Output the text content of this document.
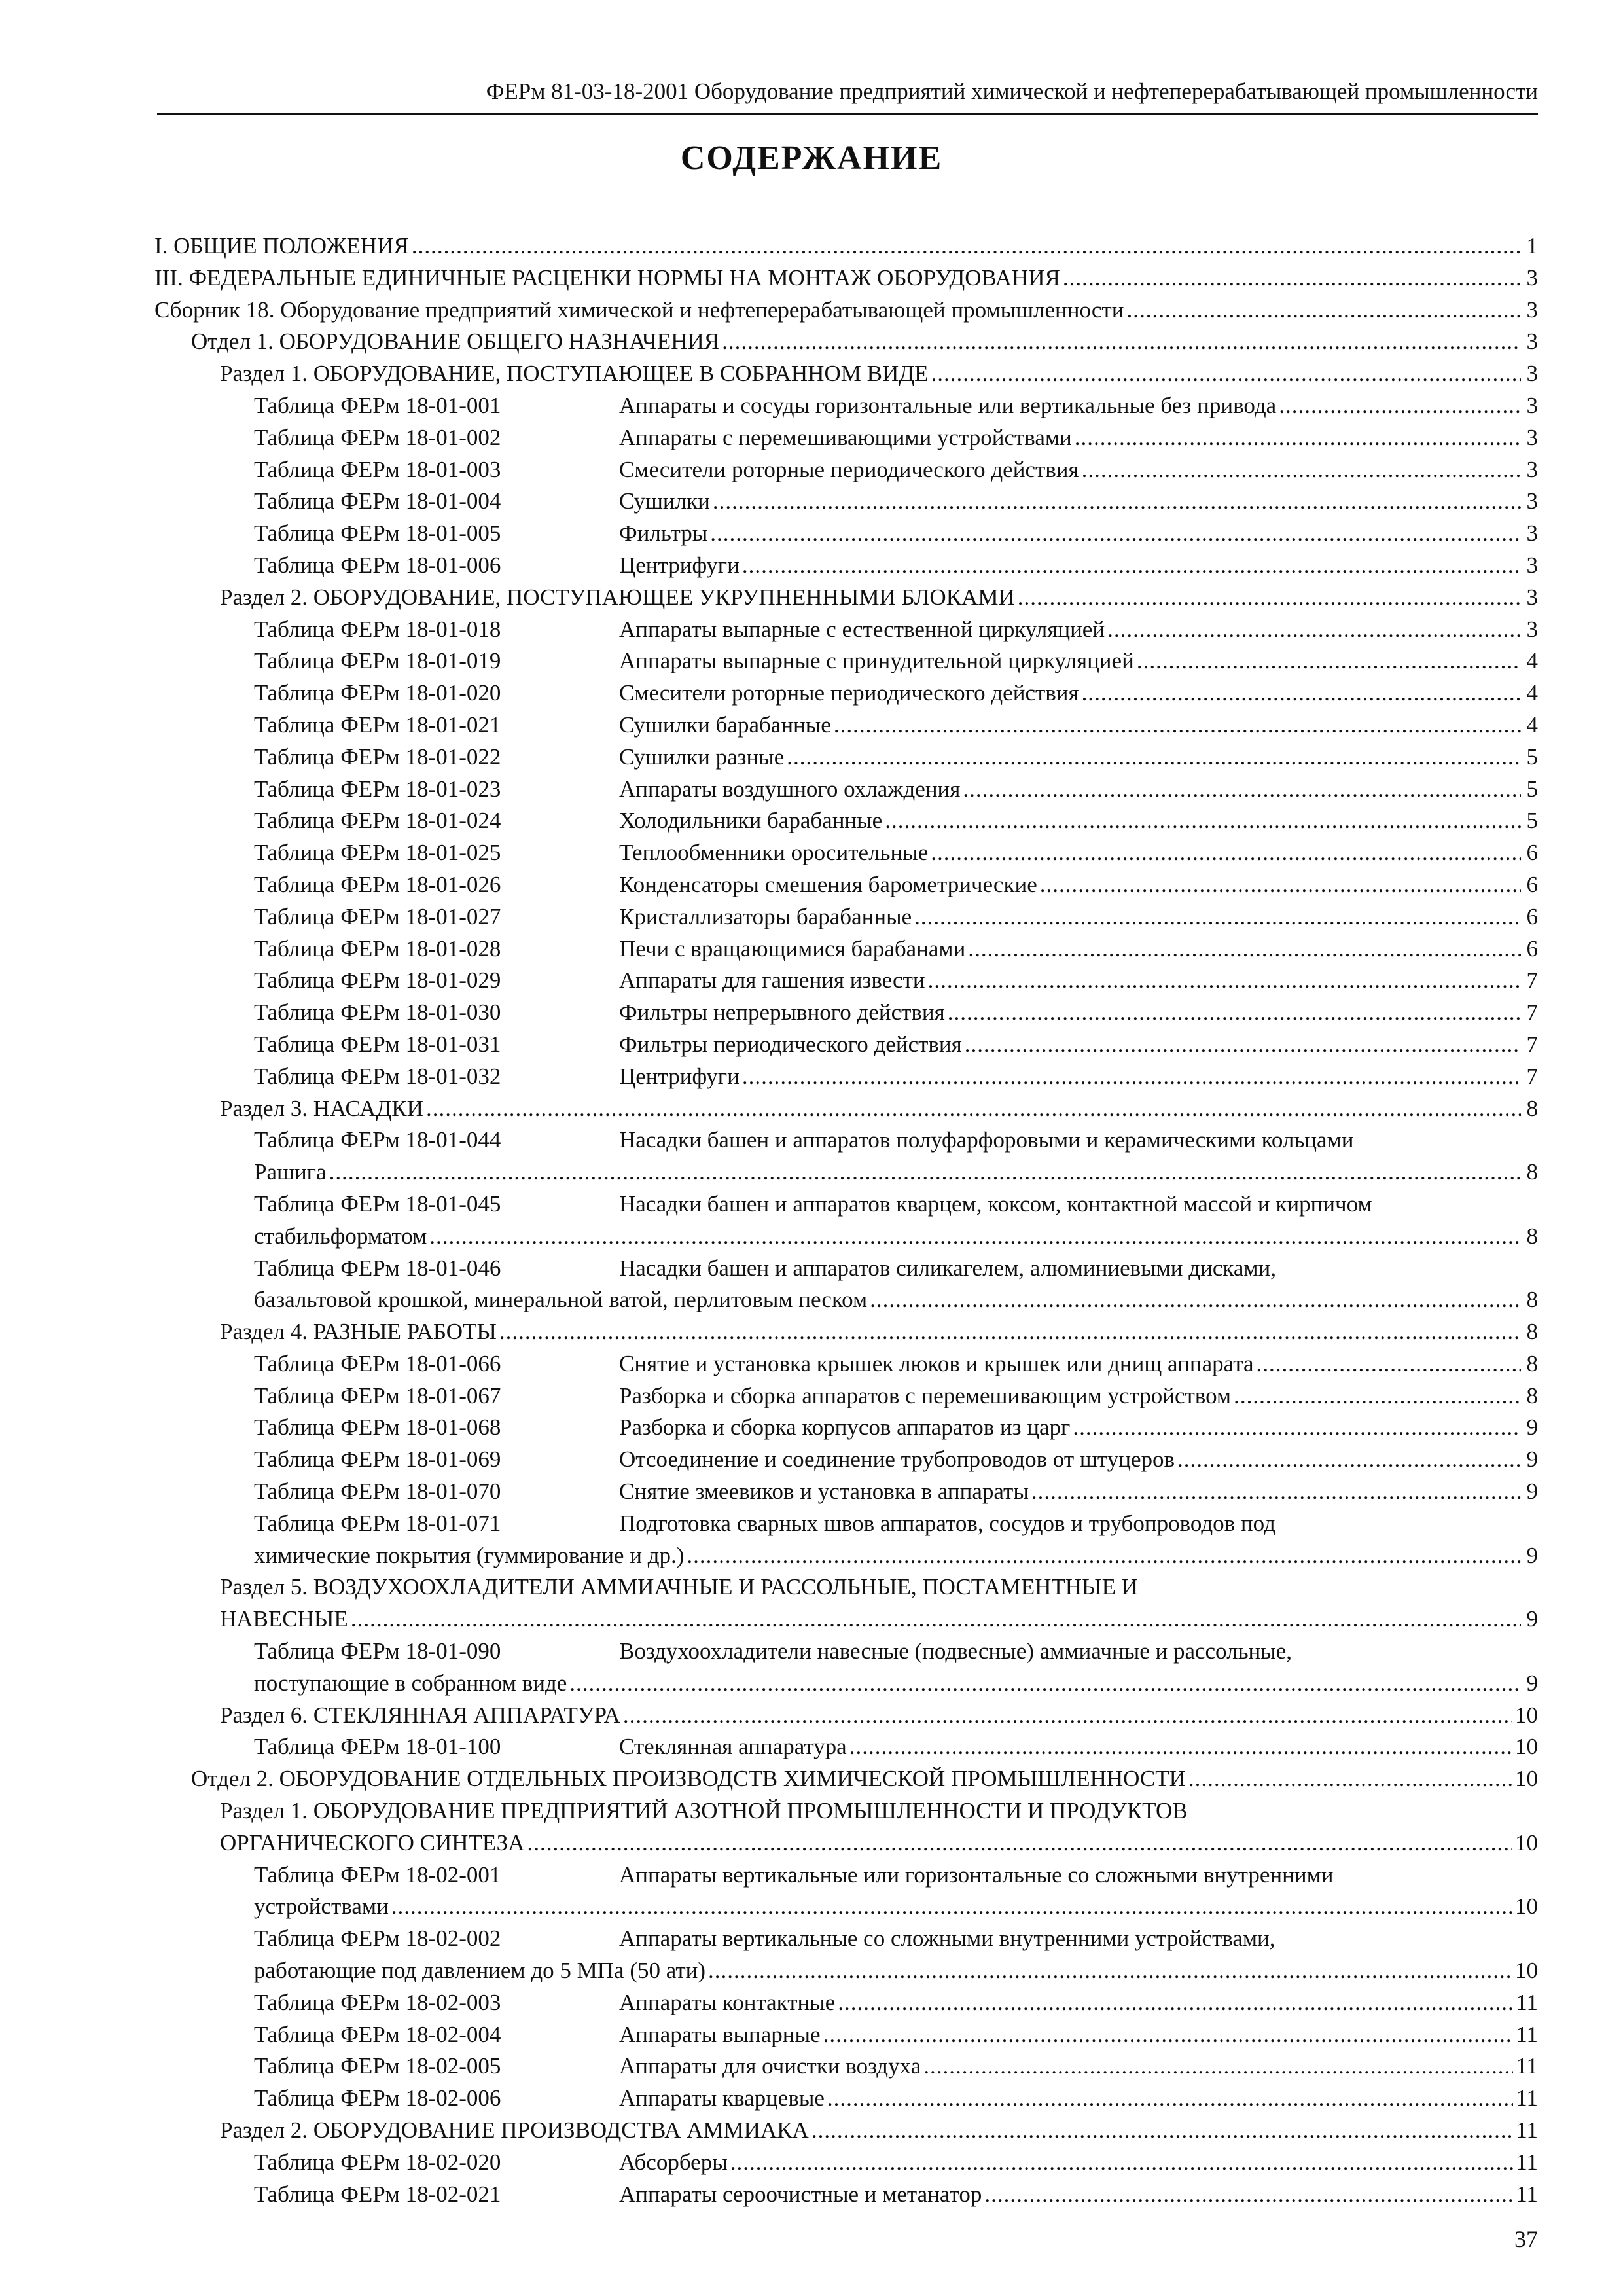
ФЕРм 81-03-18-2001 Оборудование предприятий химической и нефтеперерабатывающей промышленности
СОДЕРЖАНИЕ
I. ОБЩИЕ ПОЛОЖЕНИЯ .....	1
III. ФЕДЕРАЛЬНЫЕ ЕДИНИЧНЫЕ РАСЦЕНКИ НОРМЫ НА МОНТАЖ ОБОРУДОВАНИЯ .....	3
Сборник 18. Оборудование предприятий химической и нефтеперерабатывающей промышленности .....	3
Отдел 1. ОБОРУДОВАНИЕ ОБЩЕГО НАЗНАЧЕНИЯ .....	3
Раздел 1. ОБОРУДОВАНИЕ, ПОСТУПАЮЩЕЕ В СОБРАННОМ ВИДЕ .....	3
Таблица ФЕРм 18-01-001	Аппараты и сосуды горизонтальные или вертикальные без привода .....	3
Таблица ФЕРм 18-01-002	Аппараты с перемешивающими устройствами .....	3
Таблица ФЕРм 18-01-003	Смесители роторные периодического действия .....	3
Таблица ФЕРм 18-01-004	Сушилки .....	3
Таблица ФЕРм 18-01-005	Фильтры .....	3
Таблица ФЕРм 18-01-006	Центрифуги .....	3
Раздел 2. ОБОРУДОВАНИЕ, ПОСТУПАЮЩЕЕ УКРУПНЕННЫМИ БЛОКАМИ .....	3
Таблица ФЕРм 18-01-018	Аппараты выпарные с естественной циркуляцией .....	3
Таблица ФЕРм 18-01-019	Аппараты выпарные с принудительной циркуляцией .....	4
Таблица ФЕРм 18-01-020	Смесители роторные периодического действия .....	4
Таблица ФЕРм 18-01-021	Сушилки барабанные .....	4
Таблица ФЕРм 18-01-022	Сушилки разные .....	5
Таблица ФЕРм 18-01-023	Аппараты воздушного охлаждения .....	5
Таблица ФЕРм 18-01-024	Холодильники барабанные .....	5
Таблица ФЕРм 18-01-025	Теплообменники оросительные .....	6
Таблица ФЕРм 18-01-026	Конденсаторы смешения барометрические .....	6
Таблица ФЕРм 18-01-027	Кристаллизаторы барабанные .....	6
Таблица ФЕРм 18-01-028	Печи с вращающимися барабанами .....	6
Таблица ФЕРм 18-01-029	Аппараты для гашения извести .....	7
Таблица ФЕРм 18-01-030	Фильтры непрерывного действия .....	7
Таблица ФЕРм 18-01-031	Фильтры периодического действия .....	7
Таблица ФЕРм 18-01-032	Центрифуги .....	7
Раздел 3. НАСАДКИ .....	8
Таблица ФЕРм 18-01-044	Насадки башен и аппаратов полуфарфоровыми и керамическими кольцами
Рашига .....	8
Таблица ФЕРм 18-01-045	Насадки башен и аппаратов кварцем, коксом, контактной массой и кирпичом
стабильформатом .....	8
Таблица ФЕРм 18-01-046	Насадки башен и аппаратов силикагелем, алюминиевыми дисками,
базальтовой крошкой, минеральной ватой, перлитовым песком .....	8
Раздел 4. РАЗНЫЕ РАБОТЫ .....	8
Таблица ФЕРм 18-01-066	Снятие и установка крышек люков и крышек или днищ аппарата .....	8
Таблица ФЕРм 18-01-067	Разборка и сборка аппаратов с перемешивающим устройством .....	8
Таблица ФЕРм 18-01-068	Разборка и сборка корпусов аппаратов из царг .....	9
Таблица ФЕРм 18-01-069	Отсоединение и соединение трубопроводов от штуцеров .....	9
Таблица ФЕРм 18-01-070	Снятие змеевиков и установка в аппараты .....	9
Таблица ФЕРм 18-01-071	Подготовка сварных швов аппаратов, сосудов и трубопроводов под
химические покрытия (гуммирование и др.) .....	9
Раздел 5. ВОЗДУХООХЛАДИТЕЛИ АММИАЧНЫЕ И РАССОЛЬНЫЕ, ПОСТАМЕНТНЫЕ И
НАВЕСНЫЕ .....	9
Таблица ФЕРм 18-01-090	Воздухоохладители навесные (подвесные) аммиачные и рассольные,
поступающие в собранном виде .....	9
Раздел 6. СТЕКЛЯННАЯ АППАРАТУРА .....	10
Таблица ФЕРм 18-01-100	Стеклянная аппаратура .....	10
Отдел 2. ОБОРУДОВАНИЕ ОТДЕЛЬНЫХ ПРОИЗВОДСТВ ХИМИЧЕСКОЙ ПРОМЫШЛЕННОСТИ .....	10
Раздел 1. ОБОРУДОВАНИЕ ПРЕДПРИЯТИЙ АЗОТНОЙ ПРОМЫШЛЕННОСТИ И ПРОДУКТОВ
ОРГАНИЧЕСКОГО СИНТЕЗА .....	10
Таблица ФЕРм 18-02-001	Аппараты вертикальные или горизонтальные со сложными внутренними
устройствами .....	10
Таблица ФЕРм 18-02-002	Аппараты вертикальные со сложными внутренними устройствами,
работающие под давлением до 5 МПа (50 ати) .....	10
Таблица ФЕРм 18-02-003	Аппараты контактные .....	11
Таблица ФЕРм 18-02-004	Аппараты выпарные .....	11
Таблица ФЕРм 18-02-005	Аппараты для очистки воздуха .....	11
Таблица ФЕРм 18-02-006	Аппараты кварцевые .....	11
Раздел 2. ОБОРУДОВАНИЕ ПРОИЗВОДСТВА АММИАКА .....	11
Таблица ФЕРм 18-02-020	Абсорберы .....	11
Таблица ФЕРм 18-02-021	Аппараты сероочистные и метанатор .....	11
37
